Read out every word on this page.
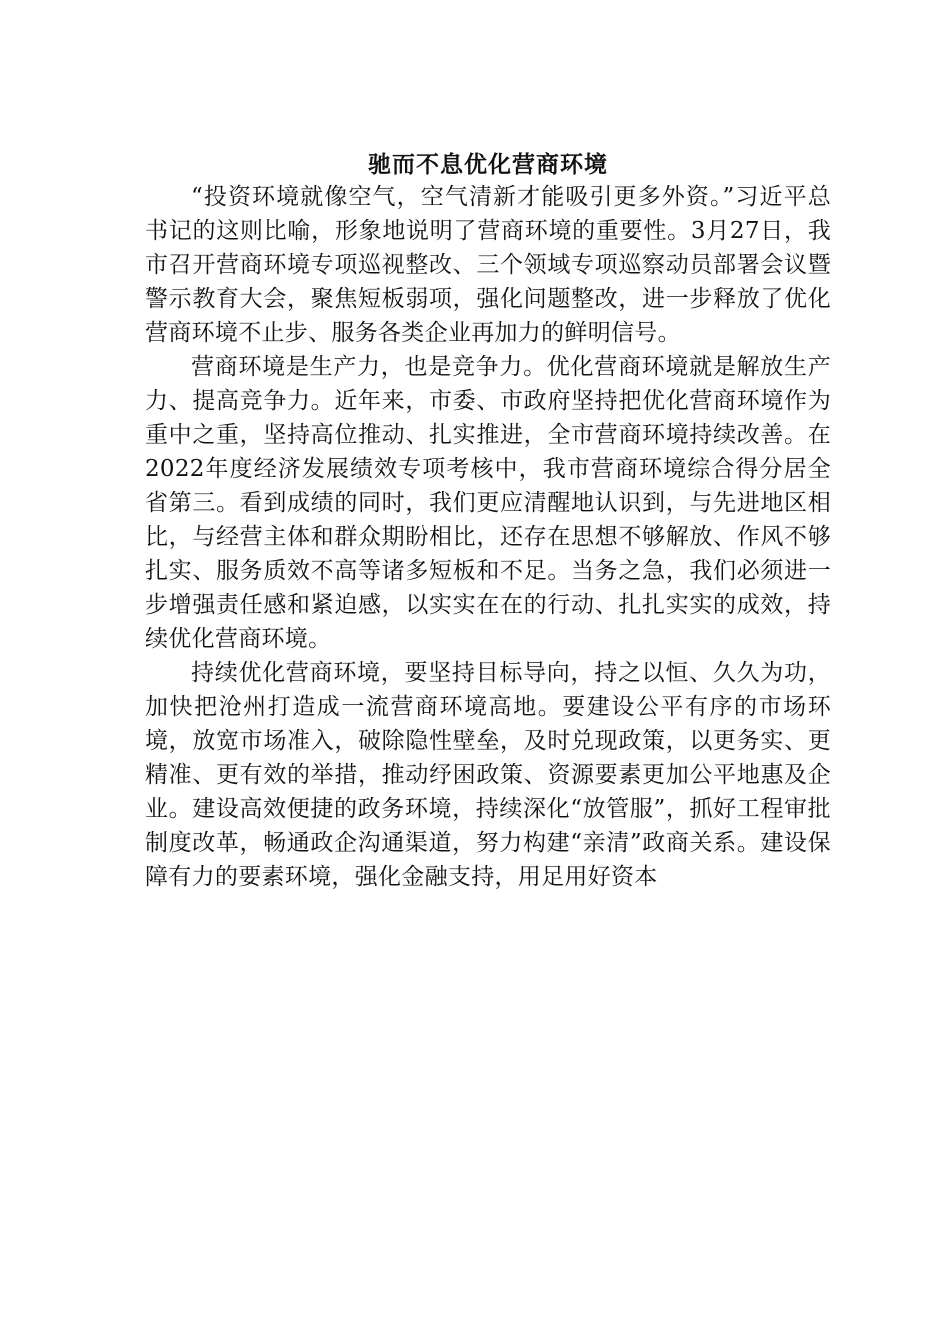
驰而不息优化营商环境

“投资环境就像空气，空气清新才能吸引更多外资。”习近平总书记的这则比喻，形象地说明了营商环境的重要性。3月27日，我市召开营商环境专项巡视整改、三个领域专项巡察动员部署会议暨警示教育大会，聚焦短板弱项，强化问题整改，进一步释放了优化营商环境不止步、服务各类企业再加力的鲜明信号。

营商环境是生产力，也是竞争力。优化营商环境就是解放生产力、提高竞争力。近年来，市委、市政府坚持把优化营商环境作为重中之重，坚持高位推动、扎实推进，全市营商环境持续改善。在2022年度经济发展绩效专项考核中，我市营商环境综合得分居全省第三。看到成绩的同时，我们更应清醒地认识到，与先进地区相比，与经营主体和群众期盼相比，还存在思想不够解放、作风不够扎实、服务质效不高等诸多短板和不足。当务之急，我们必须进一步增强责任感和紧迫感，以实实在在的行动、扎扎实实的成效，持续优化营商环境。

持续优化营商环境，要坚持目标导向，持之以恒、久久为功，加快把沧州打造成一流营商环境高地。要建设公平有序的市场环境，放宽市场准入，破除隐性壁垒，及时兑现政策，以更务实、更精准、更有效的举措，推动纾困政策、资源要素更加公平地惠及企业。建设高效便捷的政务环境，持续深化“放管服”，抓好工程审批制度改革，畅通政企沟通渠道，努力构建“亲清”政商关系。建设保障有力的要素环境，强化金融支持，用足用好资本
